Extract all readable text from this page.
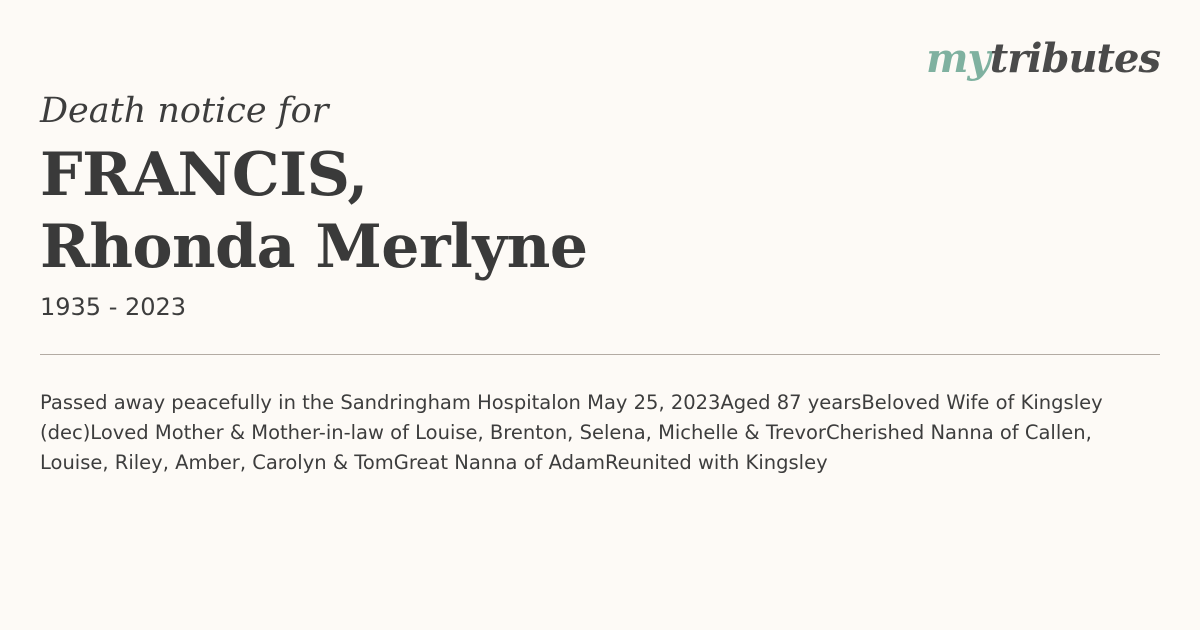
mytributes
Death notice for
FRANCIS,
Rhonda Merlyne

1935 - 2023

Passed away peacefully in the Sandringham Hospitalon May 25, 2023Aged 87 yearsBeloved Wife of Kingsley (dec)Loved Mother & Mother-in-law of Louise, Brenton, Selena, Michelle & TrevorCherished Nanna of Callen, Louise, Riley, Amber, Carolyn & TomGreat Nanna of AdamReunited with Kingsley
